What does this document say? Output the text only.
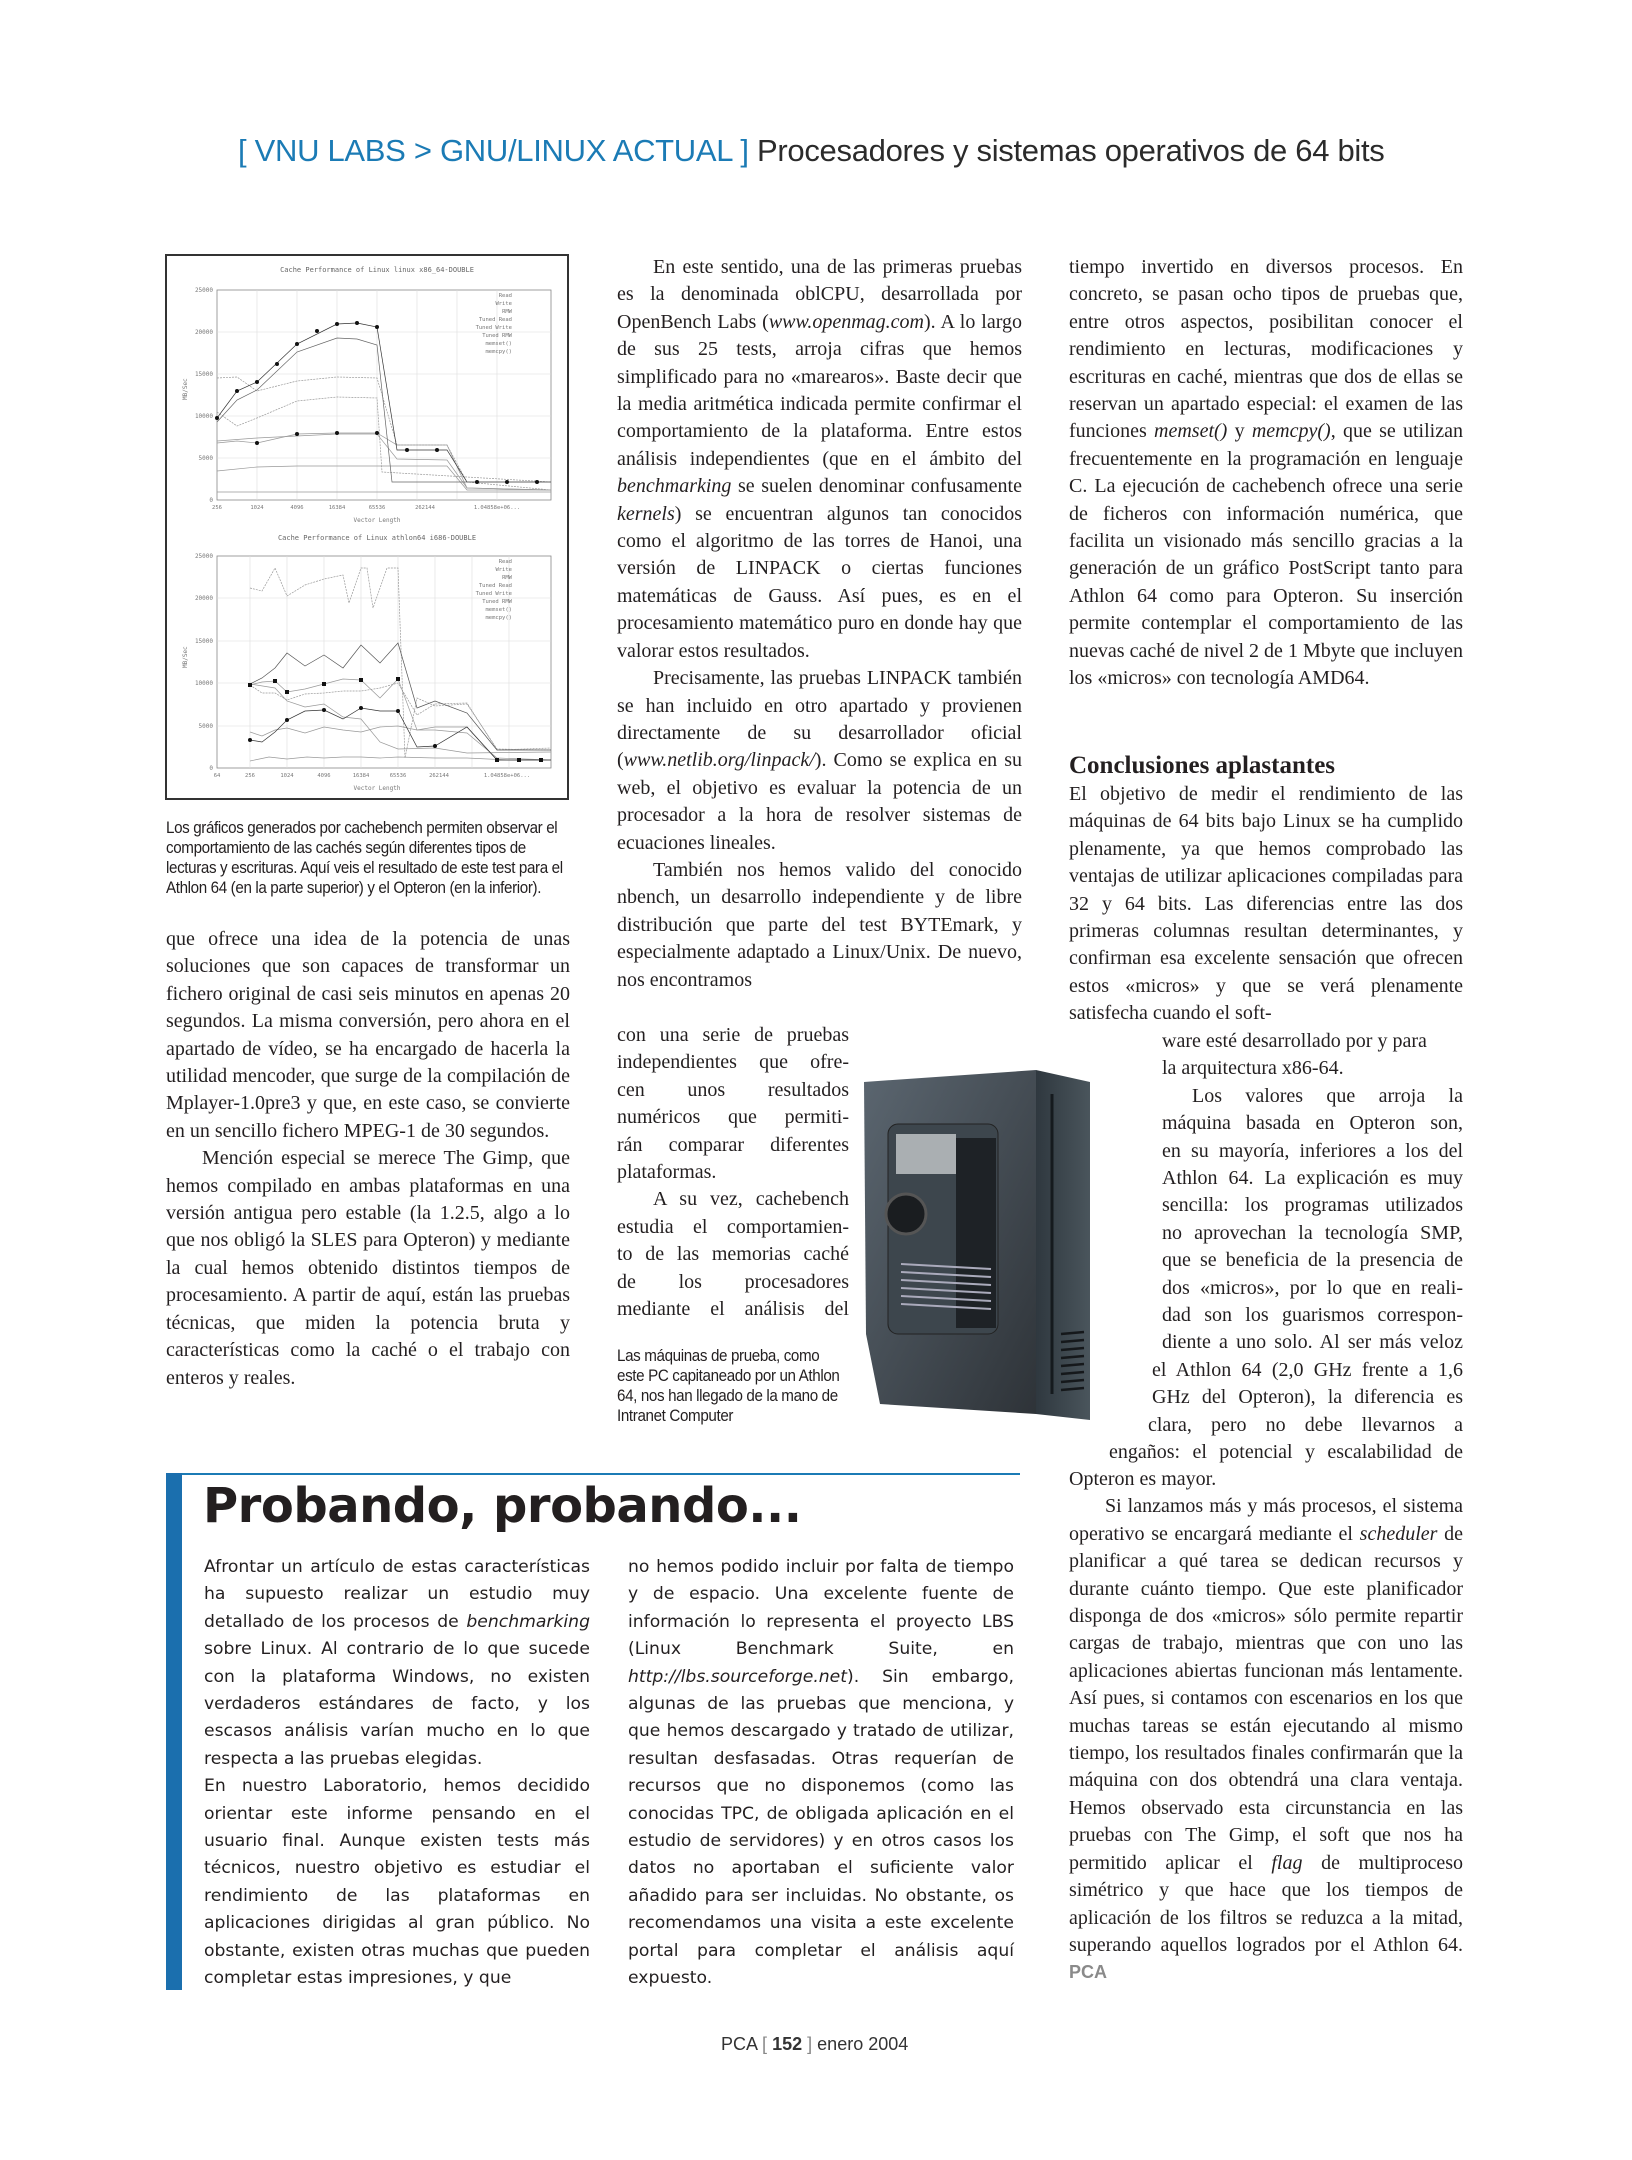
[ VNU LABS > GNU/LINUX ACTUAL ] Procesadores y sistemas operativos de 64 bits
Cache Performance of Linux linux x86_64-DOUBLE
0
5000
10000
15000
20000
25000
256	1024	4096	16384	65536	262144	1.04858e+06...
Vector Length
MB/Sec
Read
Write
RMW
Tuned Read
Tuned Write
Tuned RMW
memset()
memcpy()
Cache Performance of Linux athlon64 i686-DOUBLE
0
5000
10000
15000
20000
25000
64	256	1024	4096	16384	65536	262144	1.04858e+06...
Vector Length
MB/Sec
Read
Write
RMW
Tuned Read
Tuned Write
Tuned RMW
memset()
memcpy()
Los gráficos generados por cachebench permiten observar el comportamiento de las cachés según diferentes tipos de lecturas y escrituras. Aquí veis el resultado de este test para el Athlon 64 (en la parte superior) y el Opteron (en la inferior).

que ofrece una idea de la potencia de unas soluciones que son capaces de transformar un fichero original de casi seis minutos en apenas 20 segundos. La misma conversión, pero ahora en el apartado de vídeo, se ha encargado de hacerla la utilidad mencoder, que surge de la compilación de Mplayer-1.0pre3 y que, en este caso, se convierte en un sencillo fichero MPEG-1 de 30 segundos.

Mención especial se merece The Gimp, que hemos compilado en ambas plataformas en una versión antigua pero estable (la 1.2.5, algo a lo que nos obligó la SLES para Opteron) y mediante la cual hemos obtenido distintos tiempos de procesamiento. A partir de aquí, están las pruebas técnicas, que miden la potencia bruta y características como la caché o el trabajo con enteros y reales.

En este sentido, una de las primeras pruebas es la denominada oblCPU, desarrollada por OpenBench Labs (www.openmag.com). A lo largo de sus 25 tests, arroja cifras que hemos simplificado para no «marearos». Baste decir que la media aritmética indicada permite confirmar el comportamiento de la plataforma. Entre estos análisis independientes (que en el ámbito del benchmarking se suelen denominar confusamente kernels) se encuentran algunos tan conocidos como el algoritmo de las torres de Hanoi, una versión de LINPACK o ciertas funciones matemáticas de Gauss. Así pues, es en el procesamiento matemático puro en donde hay que valorar estos resultados.

Precisamente, las pruebas LINPACK también se han incluido en otro apartado y provienen directamente de su desarrollador oficial (www.netlib.org/linpack/). Como se explica en su web, el objetivo es evaluar la potencia de un procesador a la hora de resolver sistemas de ecuaciones lineales.

También nos hemos valido del conocido nbench, un desarrollo independiente y de libre distribución que parte del test BYTEmark, y especialmente adaptado a Linux/Unix. De nuevo, nos encontramos

con una serie de pruebas
independientes que ofre-
cen unos resultados
numéricos que permiti-
rán comparar diferentes
plataformas.
A su vez, cachebench
estudia el comportamien-
to de las memorias caché
de los procesadores
mediante el análisis del
Las máquinas de prueba, como este PC capitaneado por un Athlon 64, nos han llegado de la mano de Intranet Computer

tiempo invertido en diversos procesos. En concreto, se pasan ocho tipos de pruebas que, entre otros aspectos, posibilitan conocer el rendimiento en lecturas, modificaciones y escrituras en caché, mientras que dos de ellas se reservan un apartado especial: el examen de las funciones memset() y memcpy(), que se utilizan frecuentemente en la programación en lenguaje C. La ejecución de cachebench ofrece una serie de ficheros con información numérica, que facilita un visionado más sencillo gracias a la generación de un gráfico PostScript tanto para Athlon 64 como para Opteron. Su inserción permite contemplar el comportamiento de las nuevas caché de nivel 2 de 1 Mbyte que incluyen los «micros» con tecnología AMD64.

Conclusiones aplastantes

El objetivo de medir el rendimiento de las máquinas de 64 bits bajo Linux se ha cumplido plenamente, ya que hemos comprobado las ventajas de utilizar aplicaciones compiladas para 32 y 64 bits. Las diferencias entre las dos primeras columnas resultan determinantes, y confirman esa excelente sensación que ofrecen estos «micros» y que se verá plenamente satisfecha cuando el soft-

ware esté desarrollado por y para
la arquitectura x86-64.
Los valores que arroja la
máquina basada en Opteron son,
en su mayoría, inferiores a los del
Athlon 64. La explicación es muy
sencilla: los programas utilizados
no aprovechan la tecnología SMP,
que se beneficia de la presencia de
dos «micros», por lo que en reali-
dad son los guarismos correspon-
diente a uno solo. Al ser más veloz
el Athlon 64 (2,0 GHz frente a 1,6
GHz del Opteron), la diferencia es
clara, pero no debe llevarnos a
engaños: el potencial y escalabilidad de

Opteron es mayor.

Si lanzamos más y más procesos, el sistema operativo se encargará mediante el scheduler de planificar a qué tarea se dedican recursos y durante cuánto tiempo. Que este planificador disponga de dos «micros» sólo permite repartir cargas de trabajo, mientras que con uno las aplicaciones abiertas funcionan más lentamente. Así pues, si contamos con escenarios en los que muchas tareas se están ejecutando al mismo tiempo, los resultados finales confirmarán que la máquina con dos obtendrá una clara ventaja. Hemos observado esta circunstancia en las pruebas con The Gimp, el soft que nos ha permitido aplicar el flag de multiproceso simétrico y que hace que los tiempos de aplicación de los filtros se reduzca a la mitad, superando aquellos logrados por el Athlon 64. PCA

Probando, probando...

Afrontar un artículo de estas características ha supuesto realizar un estudio muy detallado de los procesos de benchmarking sobre Linux. Al contrario de lo que sucede con la plataforma Windows, no existen verdaderos estándares de facto, y los escasos análisis varían mucho en lo que respecta a las pruebas elegidas.

En nuestro Laboratorio, hemos decidido orientar este informe pensando en el usuario final. Aunque existen tests más técnicos, nuestro objetivo es estudiar el rendimiento de las plataformas en aplicaciones dirigidas al gran público. No obstante, existen otras muchas que pueden completar estas impresiones, y que

no hemos podido incluir por falta de tiempo y de espacio. Una excelente fuente de información lo representa el proyecto LBS (Linux Benchmark Suite, en http://lbs.sourceforge.net). Sin embargo, algunas de las pruebas que menciona, y que hemos descargado y tratado de utilizar, resultan desfasadas. Otras requerían de recursos que no disponemos (como las conocidas TPC, de obligada aplicación en el estudio de servidores) y en otros casos los datos no aportaban el suficiente valor añadido para ser incluidas. No obstante, os recomendamos una visita a este excelente portal para completar el análisis aquí expuesto.

PCA [ 152 ] enero 2004
